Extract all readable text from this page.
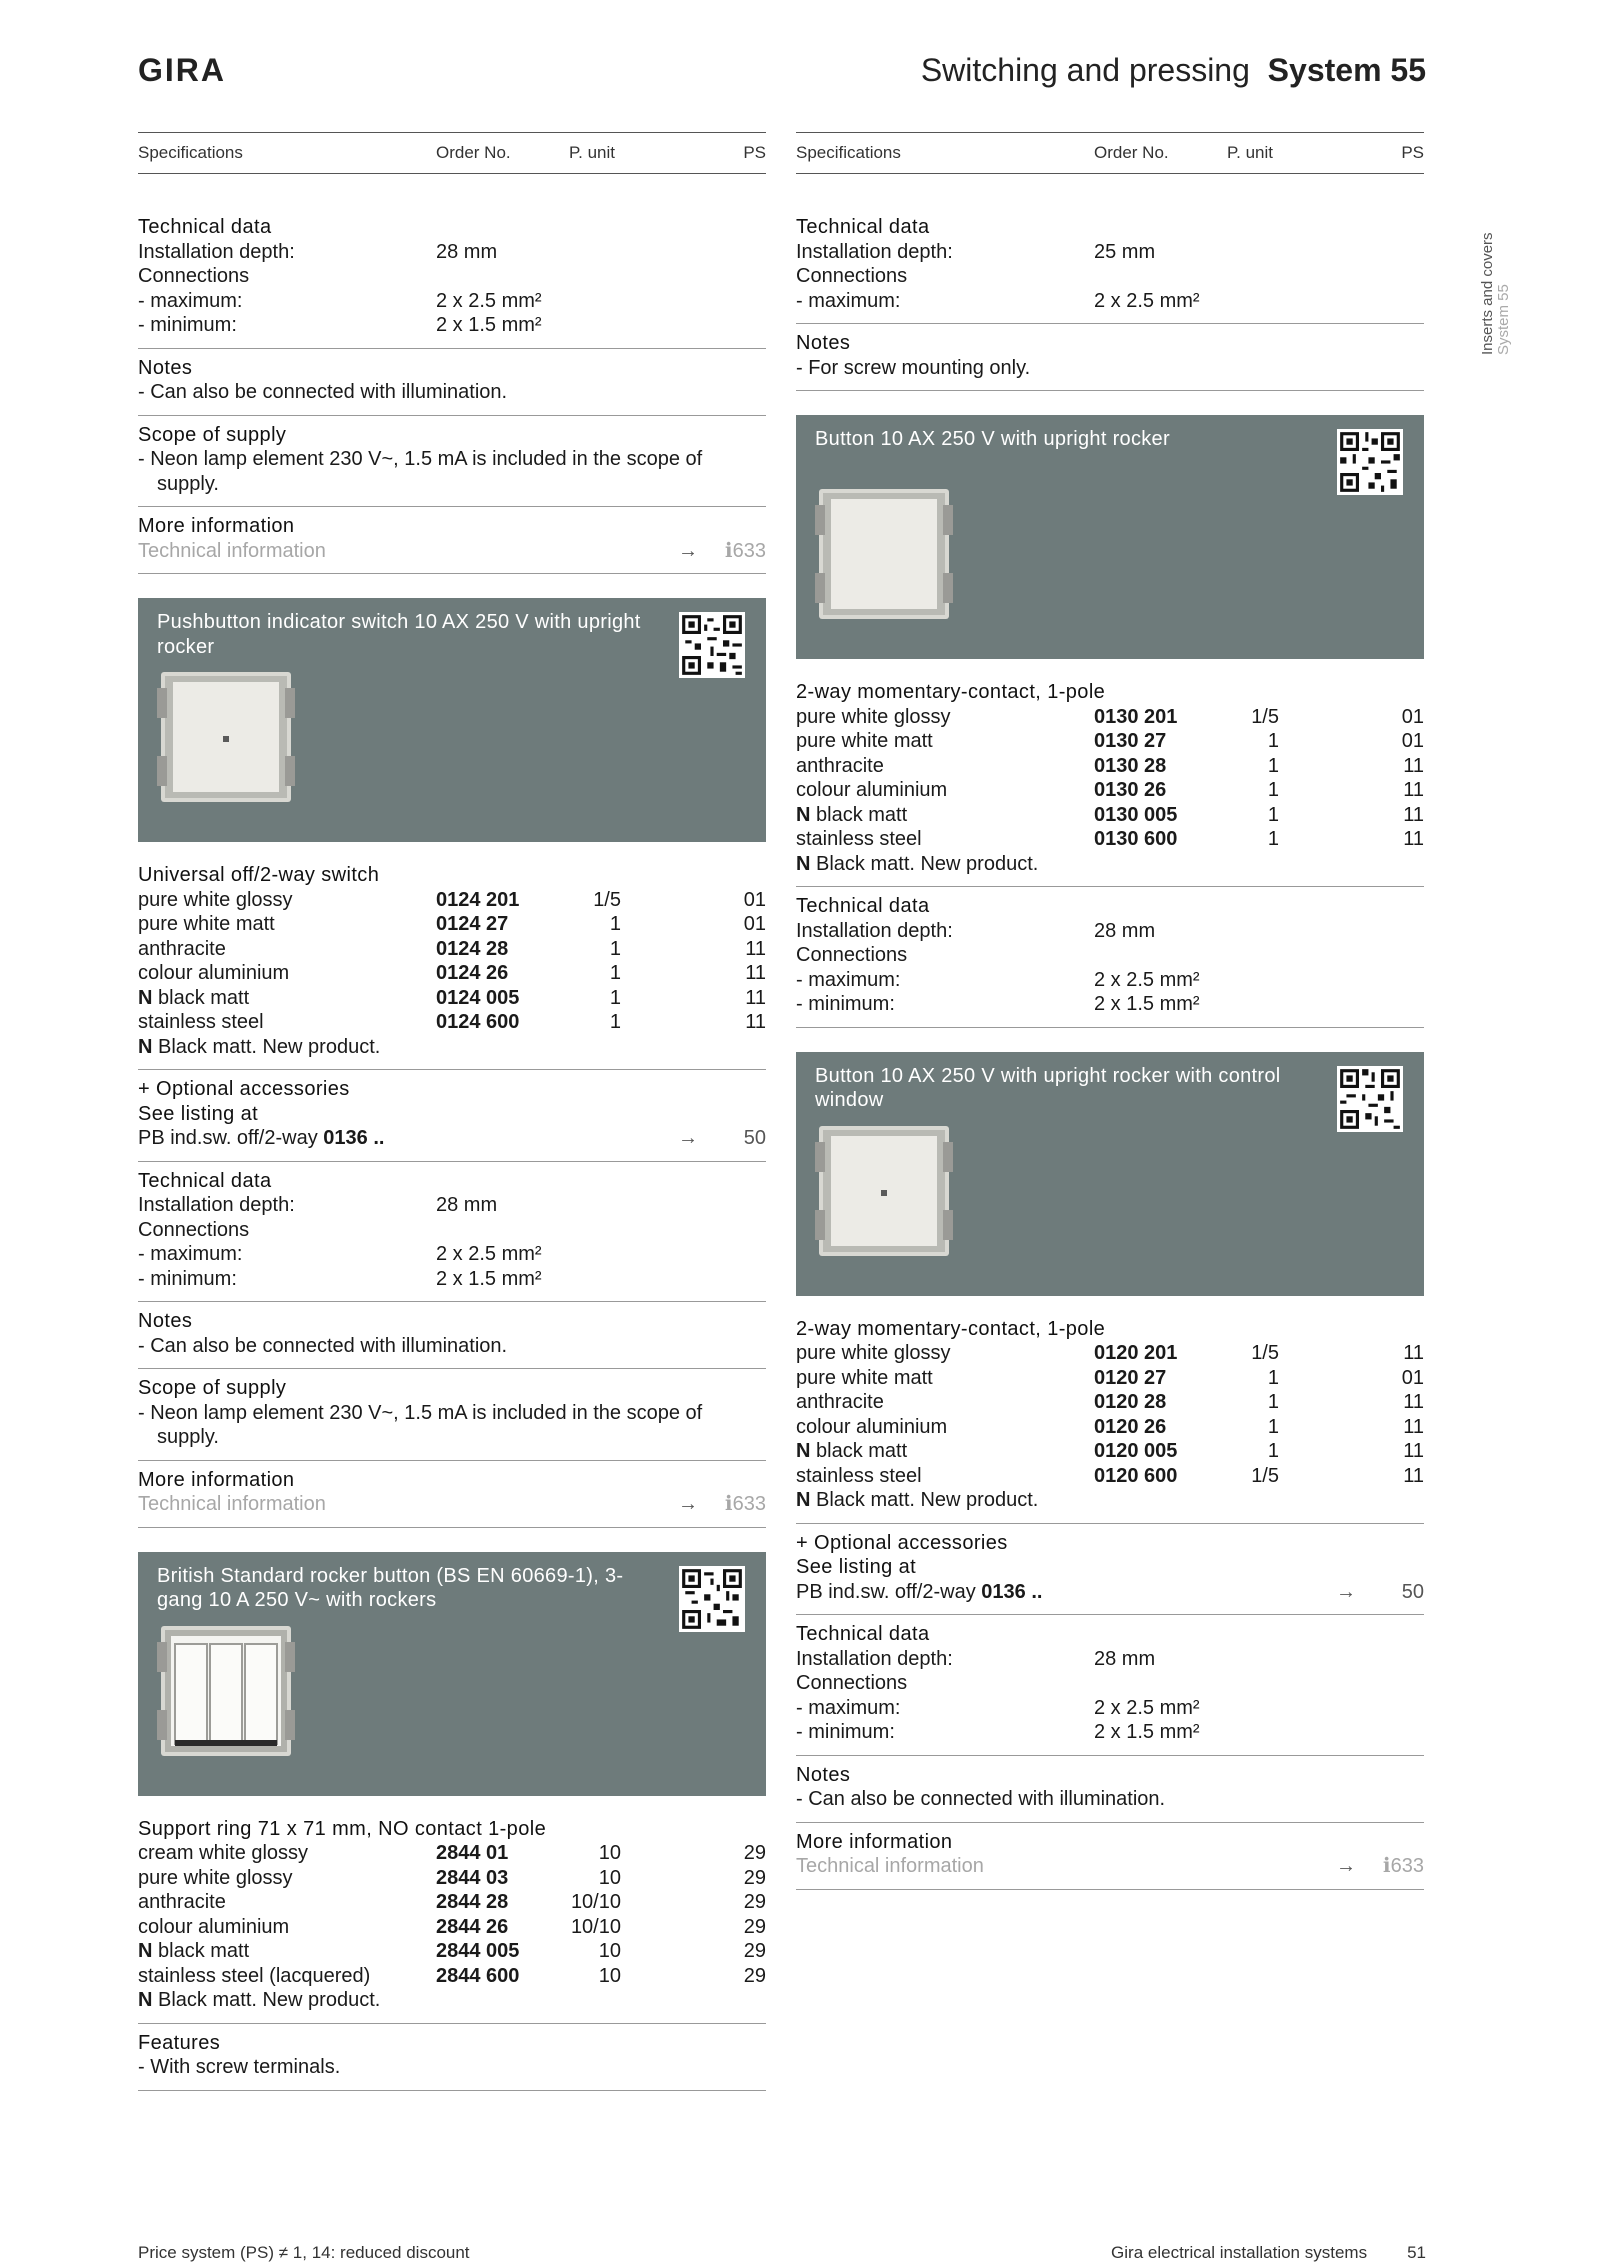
GIRA	Switching and pressing System 55
Inserts and covers System 55
Specifications	Order No.	P. unit	PS
Technical data
Installation depth:	28 mm
Connections
- maximum:	2 x 2.5 mm²
- minimum:	2 x 1.5 mm²
Notes
- Can also be connected with illumination.
Scope of supply
- Neon lamp element 230 V~, 1.5 mA is included in the scope of supply.
More information
Technical information	→ ℹ633
Pushbutton indicator switch 10 AX 250 V with upright rocker
Universal off/2-way switch
pure white glossy	0124 201	1/5	01
pure white matt	0124 27	1	01
anthracite	0124 28	1	11
colour aluminium	0124 26	1	11
N black matt	0124 005	1	11
stainless steel	0124 600	1	11
N Black matt. New product.
+ Optional accessories
See listing at
PB ind.sw. off/2-way 0136 ..	→ 50
Technical data
Installation depth:	28 mm
Connections
- maximum:	2 x 2.5 mm²
- minimum:	2 x 1.5 mm²
Notes
- Can also be connected with illumination.
Scope of supply
- Neon lamp element 230 V~, 1.5 mA is included in the scope of supply.
More information
Technical information	→ ℹ633
British Standard rocker button (BS EN 60669-1), 3-gang 10 A 250 V~ with rockers
Support ring 71 x 71 mm, NO contact 1-pole
cream white glossy	2844 01	10	29
pure white glossy	2844 03	10	29
anthracite	2844 28	10/10	29
colour aluminium	2844 26	10/10	29
N black matt	2844 005	10	29
stainless steel (lacquered)	2844 600	10	29
N Black matt. New product.
Features
- With screw terminals.
Specifications	Order No.	P. unit	PS
Technical data
Installation depth:	25 mm
Connections
- maximum:	2 x 2.5 mm²
Notes
- For screw mounting only.
Button 10 AX 250 V with upright rocker
2-way momentary-contact, 1-pole
pure white glossy	0130 201	1/5	01
pure white matt	0130 27	1	01
anthracite	0130 28	1	11
colour aluminium	0130 26	1	11
N black matt	0130 005	1	11
stainless steel	0130 600	1	11
N Black matt. New product.
Technical data
Installation depth:	28 mm
Connections
- maximum:	2 x 2.5 mm²
- minimum:	2 x 1.5 mm²
Button 10 AX 250 V with upright rocker with control window
2-way momentary-contact, 1-pole
pure white glossy	0120 201	1/5	11
pure white matt	0120 27	1	01
anthracite	0120 28	1	11
colour aluminium	0120 26	1	11
N black matt	0120 005	1	11
stainless steel	0120 600	1/5	11
N Black matt. New product.
+ Optional accessories
See listing at
PB ind.sw. off/2-way 0136 ..	→ 50
Technical data
Installation depth:	28 mm
Connections
- maximum:	2 x 2.5 mm²
- minimum:	2 x 1.5 mm²
Notes
- Can also be connected with illumination.
More information
Technical information	→ ℹ633
Price system (PS) ≠ 1, 14: reduced discount	Gira electrical installation systems 51
